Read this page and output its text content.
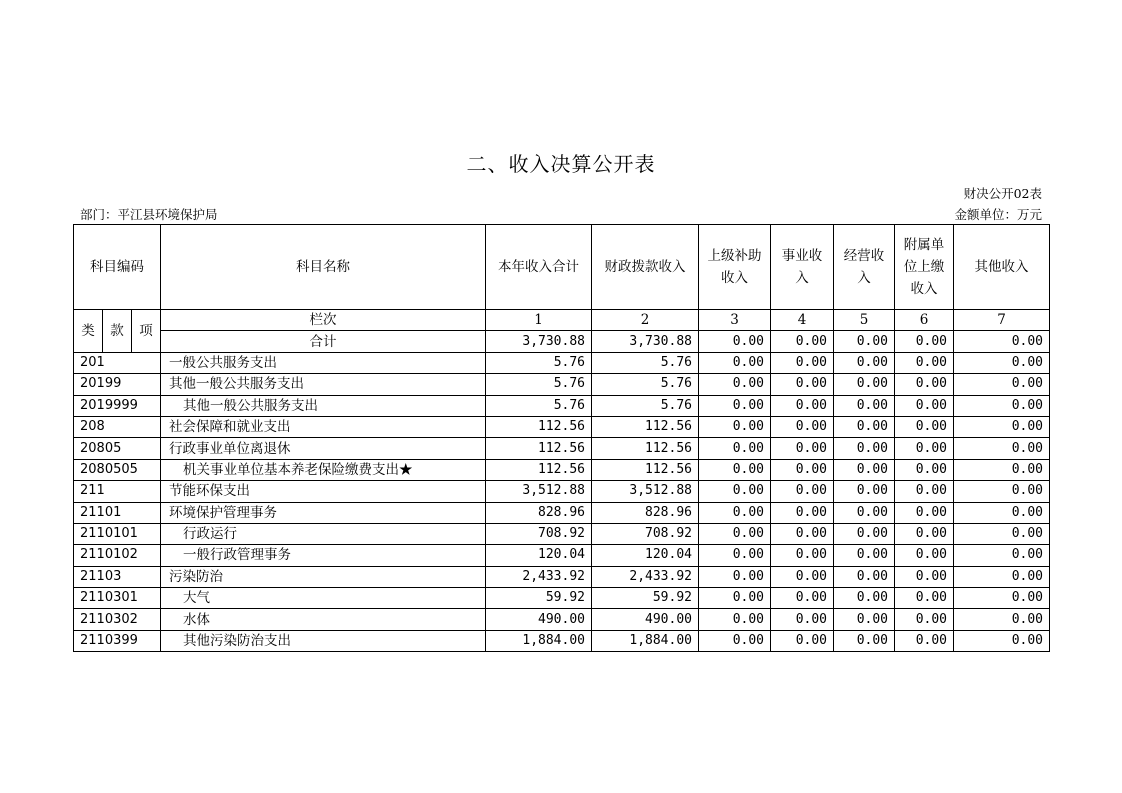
二、收入决算公开表
财决公开02表
部门：平江县环境保护局	金额单位：万元
科目编码			科目名称	本年收入合计	财政拨款收入	上级补助收入	事业收入	经营收入	附属单位上缴收入	其他收入
类	款	项	栏次	1	2	3	4	5	6	7
			合计	3,730.88	3,730.88	0.00	0.00	0.00	0.00	0.00
201			一般公共服务支出	5.76	5.76	0.00	0.00	0.00	0.00	0.00
20199			其他一般公共服务支出	5.76	5.76	0.00	0.00	0.00	0.00	0.00
2019999			其他一般公共服务支出	5.76	5.76	0.00	0.00	0.00	0.00	0.00
208			社会保障和就业支出	112.56	112.56	0.00	0.00	0.00	0.00	0.00
20805			行政事业单位离退休	112.56	112.56	0.00	0.00	0.00	0.00	0.00
2080505			机关事业单位基本养老保险缴费支出★	112.56	112.56	0.00	0.00	0.00	0.00	0.00
211			节能环保支出	3,512.88	3,512.88	0.00	0.00	0.00	0.00	0.00
21101			环境保护管理事务	828.96	828.96	0.00	0.00	0.00	0.00	0.00
2110101			行政运行	708.92	708.92	0.00	0.00	0.00	0.00	0.00
2110102			一般行政管理事务	120.04	120.04	0.00	0.00	0.00	0.00	0.00
21103			污染防治	2,433.92	2,433.92	0.00	0.00	0.00	0.00	0.00
2110301			大气	59.92	59.92	0.00	0.00	0.00	0.00	0.00
2110302			水体	490.00	490.00	0.00	0.00	0.00	0.00	0.00
2110399			其他污染防治支出	1,884.00	1,884.00	0.00	0.00	0.00	0.00	0.00
